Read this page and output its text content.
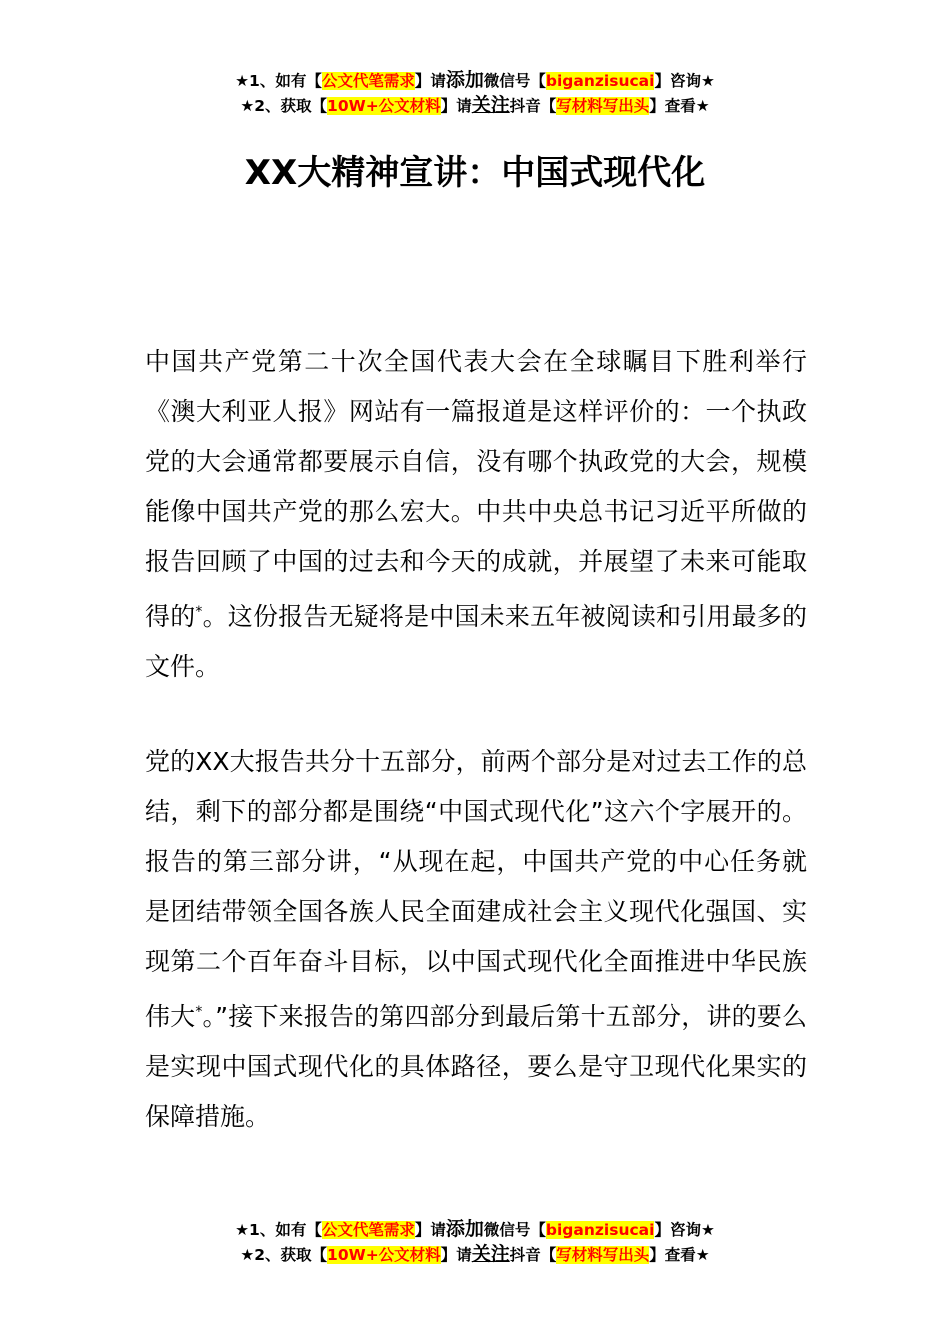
★1、如有【公文代笔需求】请添加微信号【biganzisucai】咨询★
★2、获取【10W+公文材料】请关注抖音【写材料写出头】查看★
XX大精神宣讲：中国式现代化
中国共产党第二十次全国代表大会在全球瞩目下胜利举行《澳大利亚人报》网站有一篇报道是这样评价的：一个执政党的大会通常都要展示自信，没有哪个执政党的大会，规模能像中国共产党的那么宏大。中共中央总书记习近平所做的报告回顾了中国的过去和今天的成就，并展望了未来可能取得的*。这份报告无疑将是中国未来五年被阅读和引用最多的文件。
党的XX大报告共分十五部分，前两个部分是对过去工作的总结，剩下的部分都是围绕“中国式现代化”这六个字展开的。报告的第三部分讲，“从现在起，中国共产党的中心任务就是团结带领全国各族人民全面建成社会主义现代化强国、实现第二个百年奋斗目标，以中国式现代化全面推进中华民族伟大*。”接下来报告的第四部分到最后第十五部分，讲的要么是实现中国式现代化的具体路径，要么是守卫现代化果实的保障措施。
★1、如有【公文代笔需求】请添加微信号【biganzisucai】咨询★
★2、获取【10W+公文材料】请关注抖音【写材料写出头】查看★
